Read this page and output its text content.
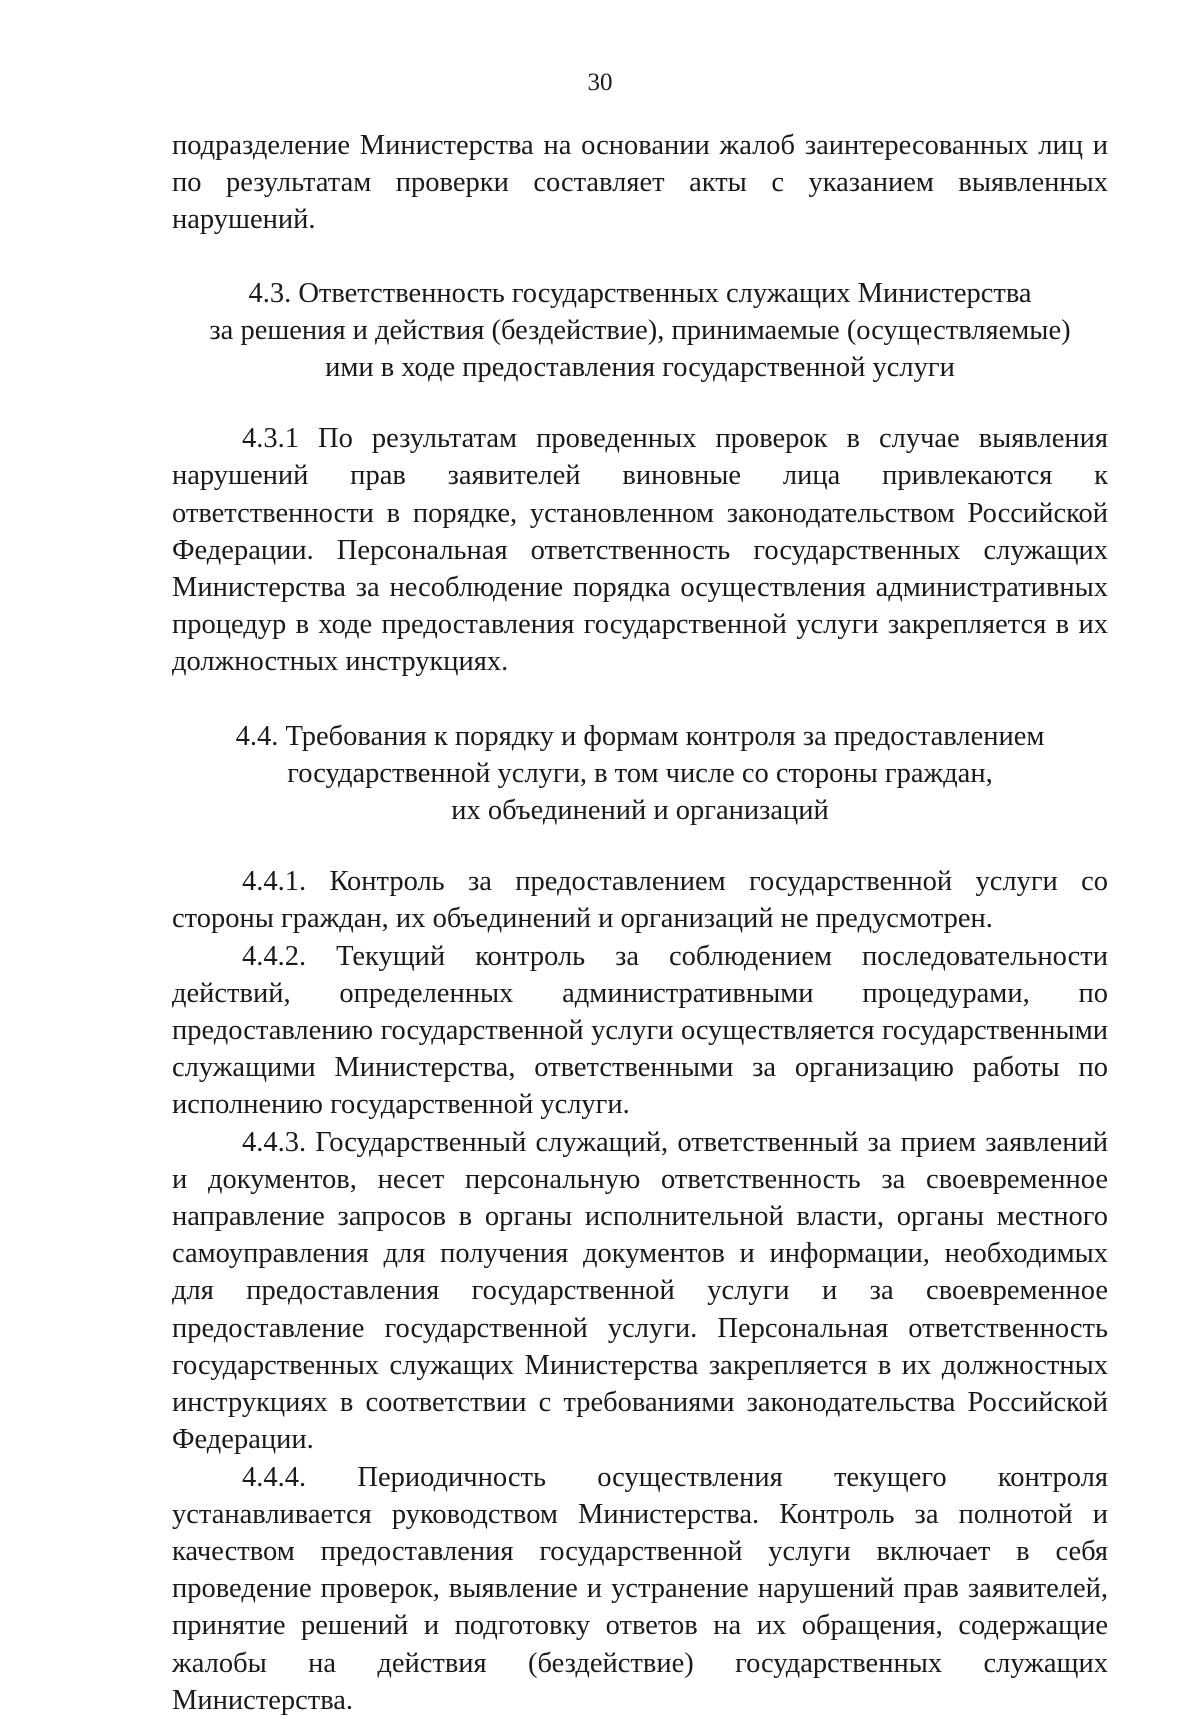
30

подразделение Министерства на основании жалоб заинтересованных лиц и по результатам проверки составляет акты с указанием выявленных нарушений.

4.3. Ответственность государственных служащих Министерства
за решения и действия (бездействие), принимаемые (осуществляемые)
ими в ходе предоставления государственной услуги

4.3.1 По результатам проведенных проверок в случае выявления нарушений прав заявителей виновные лица привлекаются к ответственности в порядке, установленном законодательством Российской Федерации. Персональная ответственность государственных служащих Министерства за несоблюдение порядка осуществления административных процедур в ходе предоставления государственной услуги закрепляется в их должностных инструкциях.

4.4. Требования к порядку и формам контроля за предоставлением
государственной услуги, в том числе со стороны граждан,
их объединений и организаций

4.4.1. Контроль за предоставлением государственной услуги со стороны граждан, их объединений и организаций не предусмотрен.

4.4.2. Текущий контроль за соблюдением последовательности действий, определенных административными процедурами, по предоставлению государственной услуги осуществляется государственными служащими Министерства, ответственными за организацию работы по исполнению государственной услуги.

4.4.3. Государственный служащий, ответственный за прием заявлений и документов, несет персональную ответственность за своевременное направление запросов в органы исполнительной власти, органы местного самоуправления для получения документов и информации, необходимых для предоставления государственной услуги и за своевременное предоставление государственной услуги. Персональная ответственность государственных служащих Министерства закрепляется в их должностных инструкциях в соответствии с требованиями законодательства Российской Федерации.

4.4.4. Периодичность осуществления текущего контроля устанавливается руководством Министерства. Контроль за полнотой и качеством предоставления государственной услуги включает в себя проведение проверок, выявление и устранение нарушений прав заявителей, принятие решений и подготовку ответов на их обращения, содержащие жалобы на действия (бездействие) государственных служащих Министерства.
